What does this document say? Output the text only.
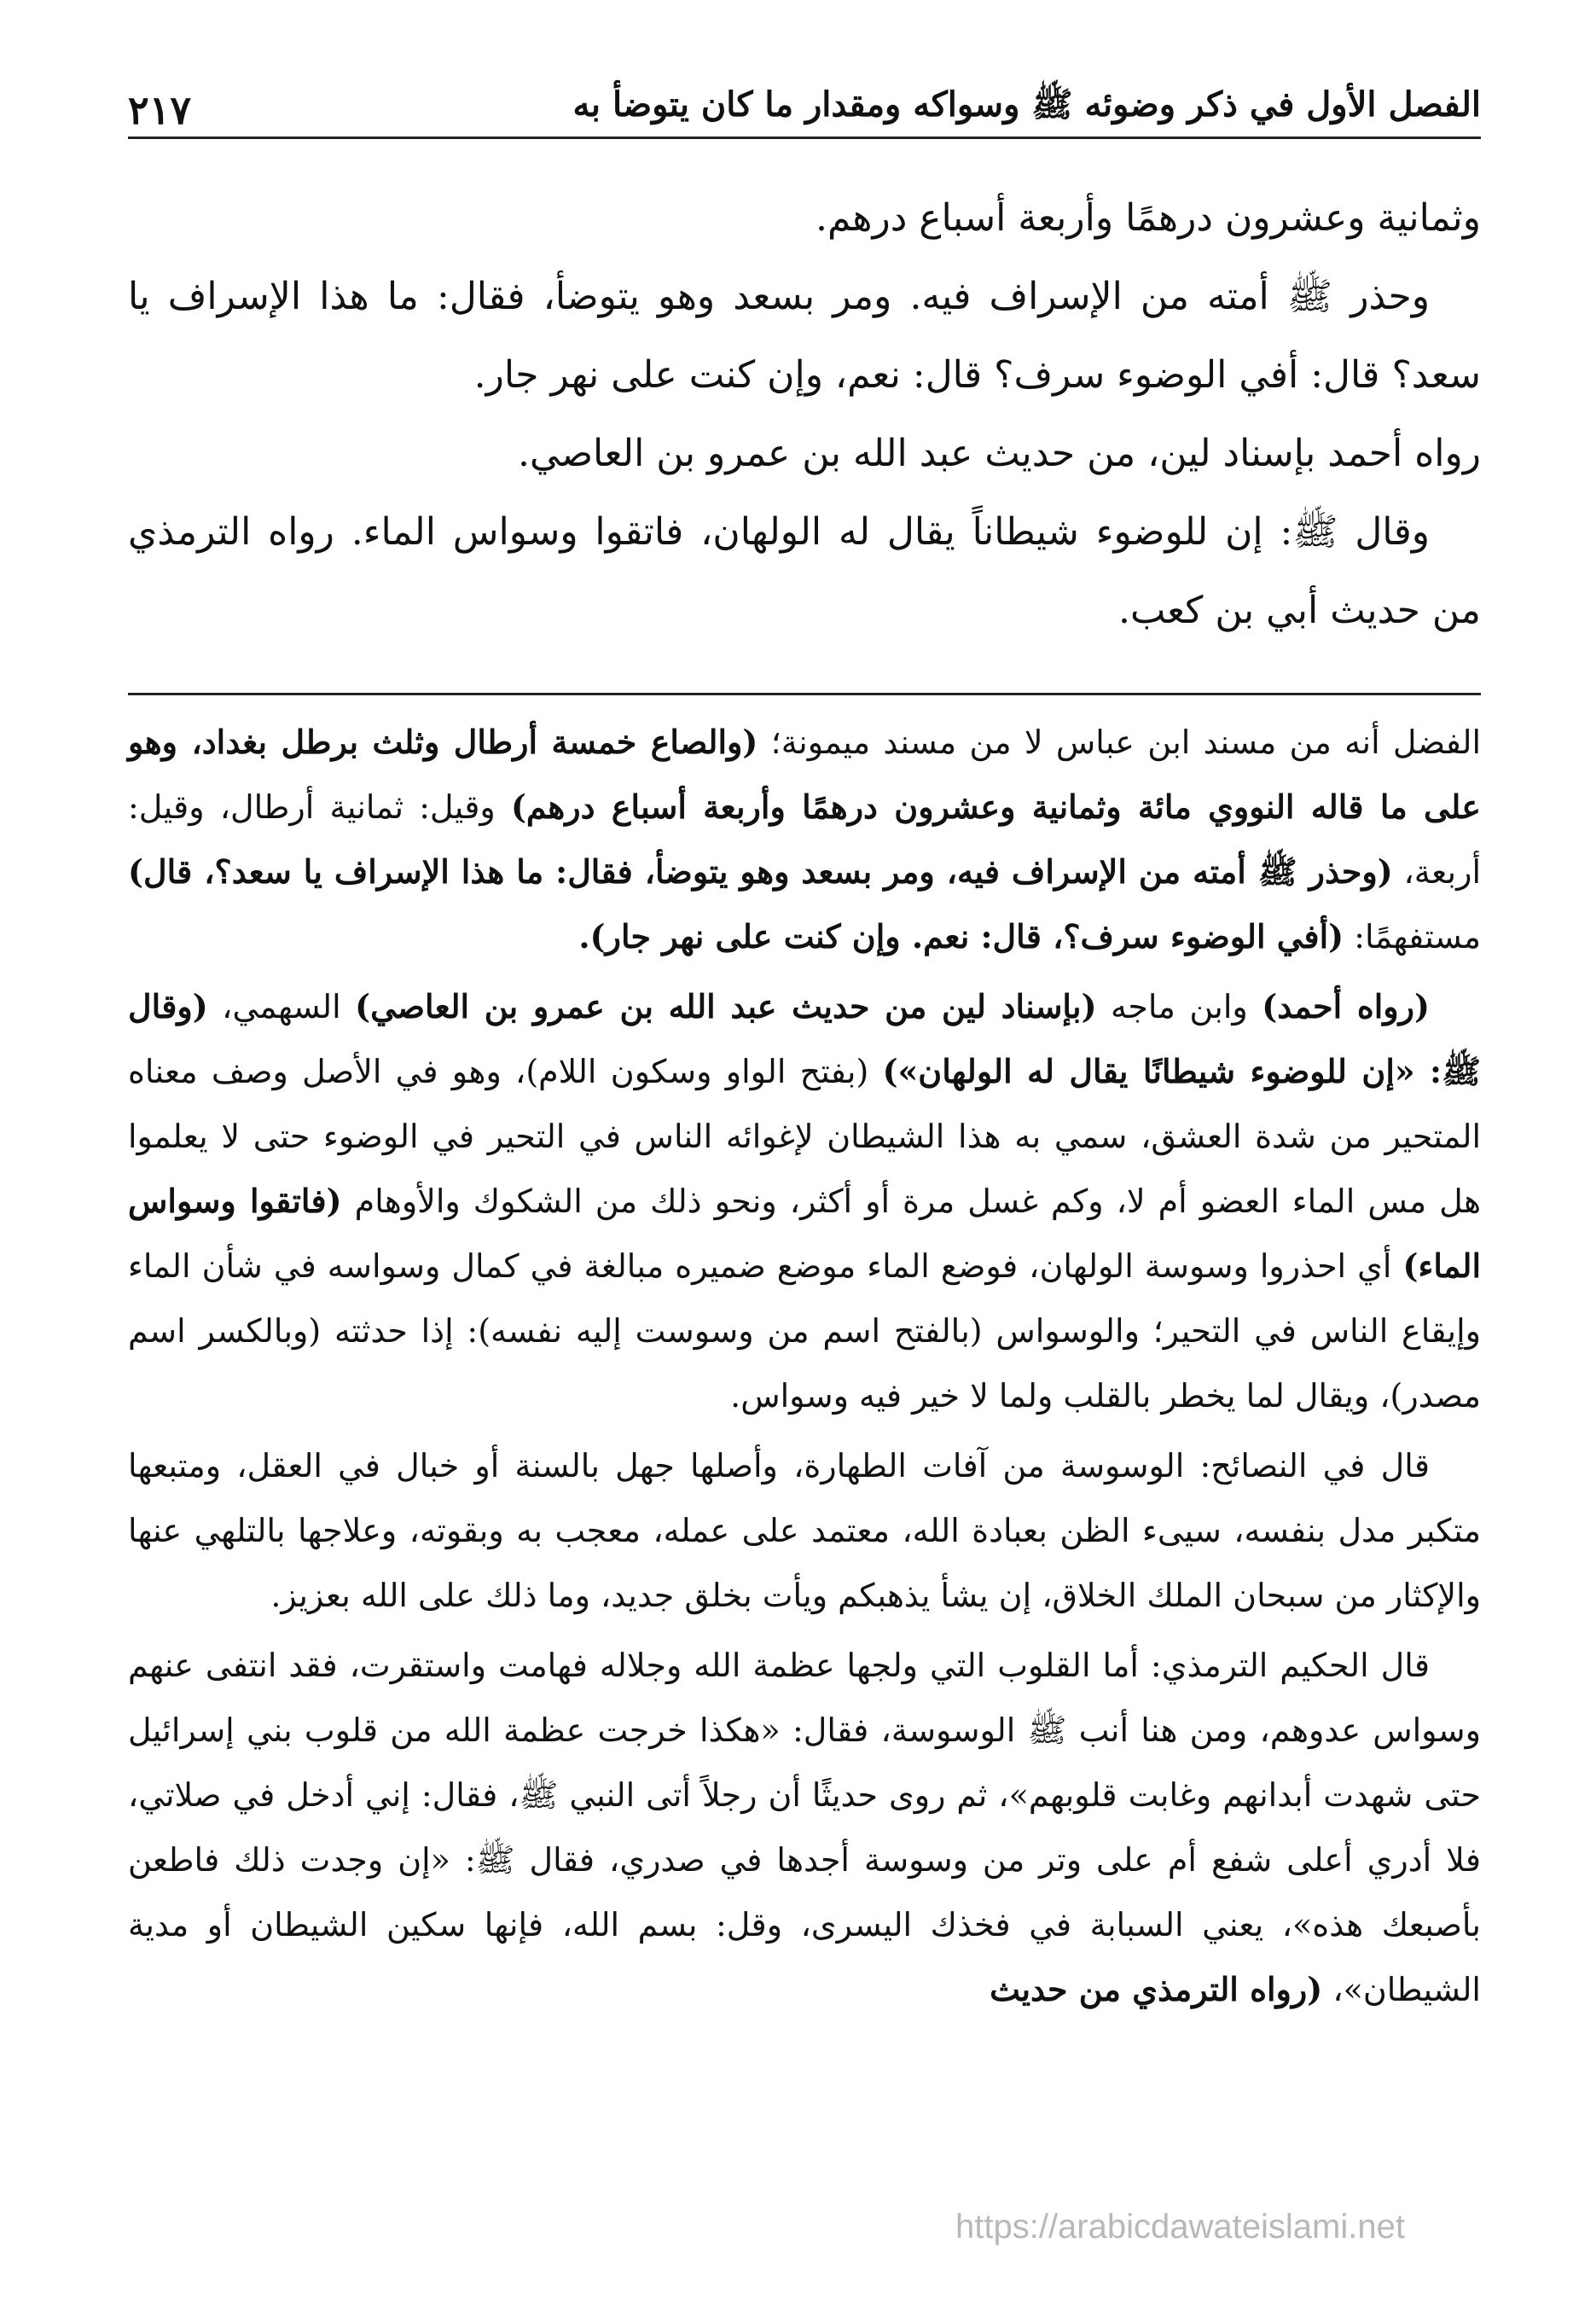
الفصل الأول في ذكر وضوئه ﷺ وسواكه ومقدار ما كان يتوضأ به
٢١٧

وثمانية وعشرون درهمًا وأربعة أسباع درهم.

وحذر ﷺ أمته من الإسراف فيه. ومر بسعد وهو يتوضأ، فقال: ما هذا الإسراف يا سعد؟ قال: أفي الوضوء سرف؟ قال: نعم، وإن كنت على نهر جار.

رواه أحمد بإسناد لين، من حديث عبد الله بن عمرو بن العاصي.

وقال ﷺ: إن للوضوء شيطاناً يقال له الولهان، فاتقوا وسواس الماء. رواه الترمذي من حديث أبي بن كعب.

الفضل أنه من مسند ابن عباس لا من مسند ميمونة؛ (والصاع خمسة أرطال وثلث برطل بغداد، وهو على ما قاله النووي مائة وثمانية وعشرون درهمًا وأربعة أسباع درهم) وقيل: ثمانية أرطال، وقيل: أربعة، (وحذر ﷺ أمته من الإسراف فيه، ومر بسعد وهو يتوضأ، فقال: ما هذا الإسراف يا سعد؟، قال) مستفهمًا: (أفي الوضوء سرف؟، قال: نعم. وإن كنت على نهر جار).

(رواه أحمد) وابن ماجه (بإسناد لين من حديث عبد الله بن عمرو بن العاصي) السهمي، (وقال ﷺ: «إن للوضوء شيطانًا يقال له الولهان») (بفتح الواو وسكون اللام)، وهو في الأصل وصف معناه المتحير من شدة العشق، سمي به هذا الشيطان لإغوائه الناس في التحير في الوضوء حتى لا يعلموا هل مس الماء العضو أم لا، وكم غسل مرة أو أكثر، ونحو ذلك من الشكوك والأوهام (فاتقوا وسواس الماء) أي احذروا وسوسة الولهان، فوضع الماء موضع ضميره مبالغة في كمال وسواسه في شأن الماء وإيقاع الناس في التحير؛ والوسواس (بالفتح اسم من وسوست إليه نفسه): إذا حدثته (وبالكسر اسم مصدر)، ويقال لما يخطر بالقلب ولما لا خير فيه وسواس.

قال في النصائح: الوسوسة من آفات الطهارة، وأصلها جهل بالسنة أو خبال في العقل، ومتبعها متكبر مدل بنفسه، سيىء الظن بعبادة الله، معتمد على عمله، معجب به وبقوته، وعلاجها بالتلهي عنها والإكثار من سبحان الملك الخلاق، إن يشأ يذهبكم ويأت بخلق جديد، وما ذلك على الله بعزيز.

قال الحكيم الترمذي: أما القلوب التي ولجها عظمة الله وجلاله فهامت واستقرت، فقد انتفى عنهم وسواس عدوهم، ومن هنا أنب ﷺ الوسوسة، فقال: «هكذا خرجت عظمة الله من قلوب بني إسرائيل حتى شهدت أبدانهم وغابت قلوبهم»، ثم روى حديثًا أن رجلاً أتى النبي ﷺ، فقال: إني أدخل في صلاتي، فلا أدري أعلى شفع أم على وتر من وسوسة أجدها في صدري، فقال ﷺ: «إن وجدت ذلك فاطعن بأصبعك هذه»، يعني السبابة في فخذك اليسرى، وقل: بسم الله، فإنها سكين الشيطان أو مدية الشيطان»، (رواه الترمذي من حديث

https://arabicdawateislami.net
